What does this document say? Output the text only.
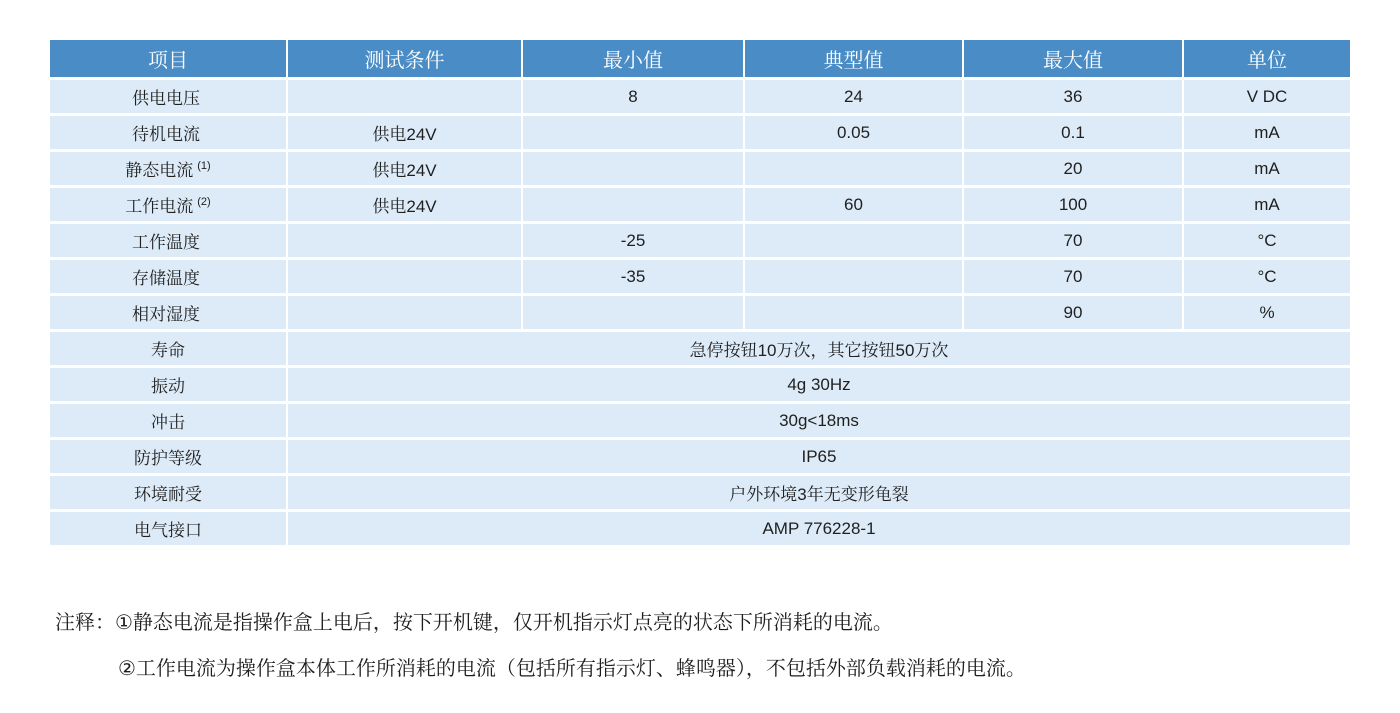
项目	测试条件	最小值	典型值	最大值	单位
供电电压		8	24	36	V DC
待机电流	供电24V		0.05	0.1	mA
静态电流 $^{(1)}$	供电24V			20	mA
工作电流 $^{(2)}$	供电24V		60	100	mA
工作温度		-25		70	°C
存储温度		-35		70	°C
相对湿度				90	%
寿命	急停按钮10万次，其它按钮50万次				
振动	4g 30Hz				
冲击	30g<18ms				
防护等级	IP65				
环境耐受	户外环境3年无变形龟裂				
电气接口	AMP 776228-1				
注释： ①静态电流是指操作盒上电后，按下开机键，仅开机指示灯点亮的状态下所消耗的电流。
②工作电流为操作盒本体工作所消耗的电流（包括所有指示灯、蜂鸣器），不包括外部负载消耗的电流。
